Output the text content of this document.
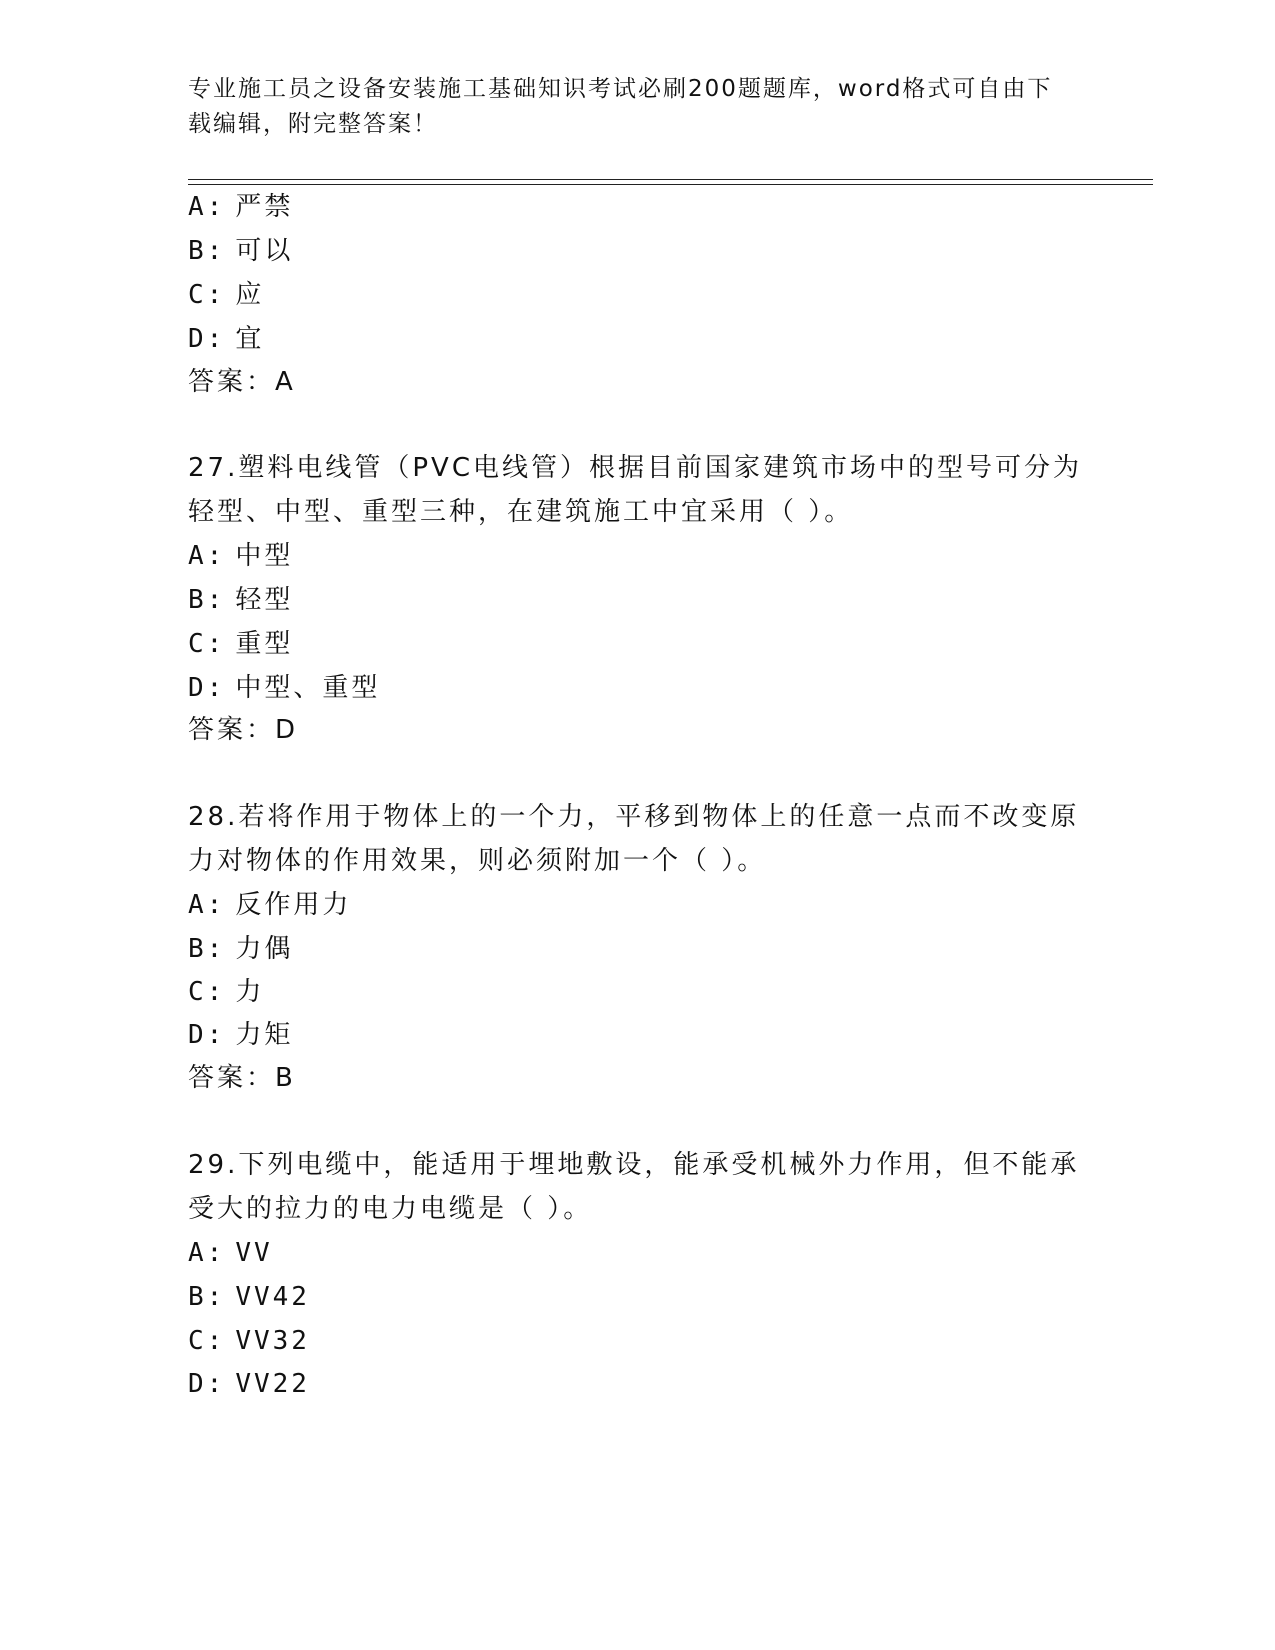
专业施工员之设备安装施工基础知识考试必刷200题题库，word格式可自由下载编辑，附完整答案！
A: 严禁
B: 可以
C: 应
D: 宜
答案：A
27.塑料电线管（PVC电线管）根据目前国家建筑市场中的型号可分为
轻型、中型、重型三种，在建筑施工中宜采用（ ）。
A: 中型
B: 轻型
C: 重型
D: 中型、重型
答案：D
28.若将作用于物体上的一个力，平移到物体上的任意一点而不改变原
力对物体的作用效果，则必须附加一个（ ）。
A: 反作用力
B: 力偶
C: 力
D: 力矩
答案：B
29.下列电缆中，能适用于埋地敷设，能承受机械外力作用，但不能承
受大的拉力的电力电缆是（ ）。
A: VV
B: VV42
C: VV32
D: VV22
